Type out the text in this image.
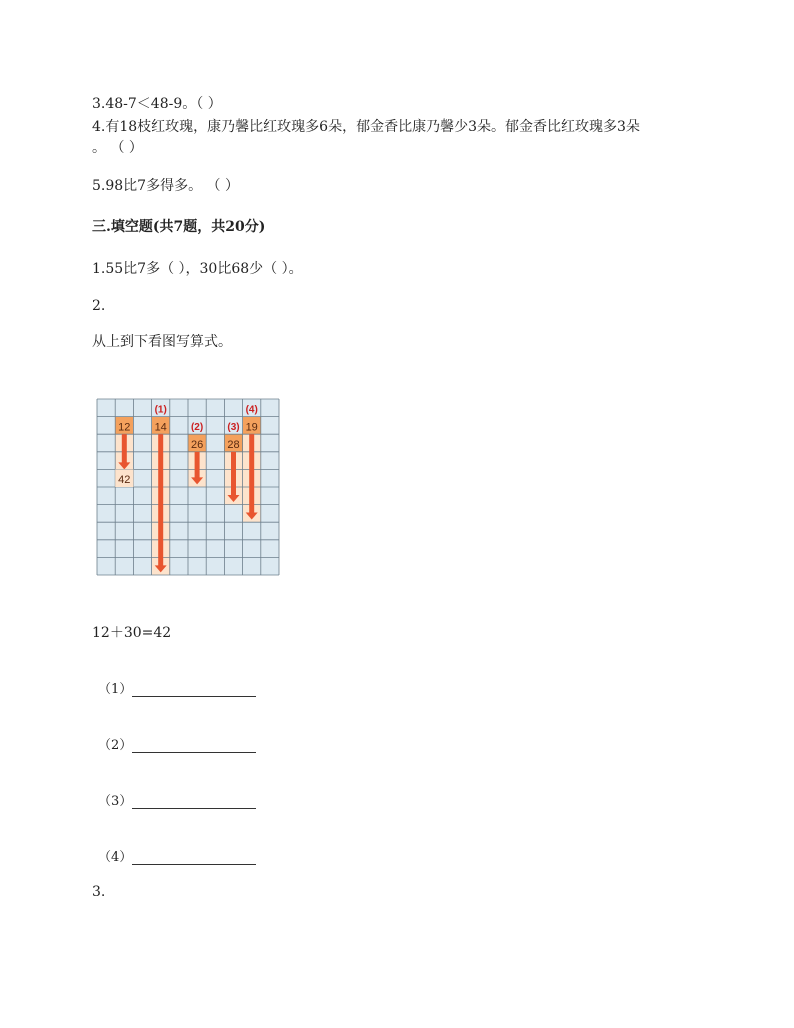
3.48-7＜48-9。（ ）
4.有18枝红玫瑰，康乃馨比红玫瑰多6朵，郁金香比康乃馨少3朵。郁金香比红玫瑰多3朵
。 （ ）
5.98比7多得多。 （ ）
三.填空题(共7题，共20分)
1.55比7多（ ），30比68少（ ）。
2.
从上到下看图写算式。
12 14
26 28
19
42
(1)
(2) (3)
(4)
12＋30=42
（1）
（2）
（3）
（4）
3.
